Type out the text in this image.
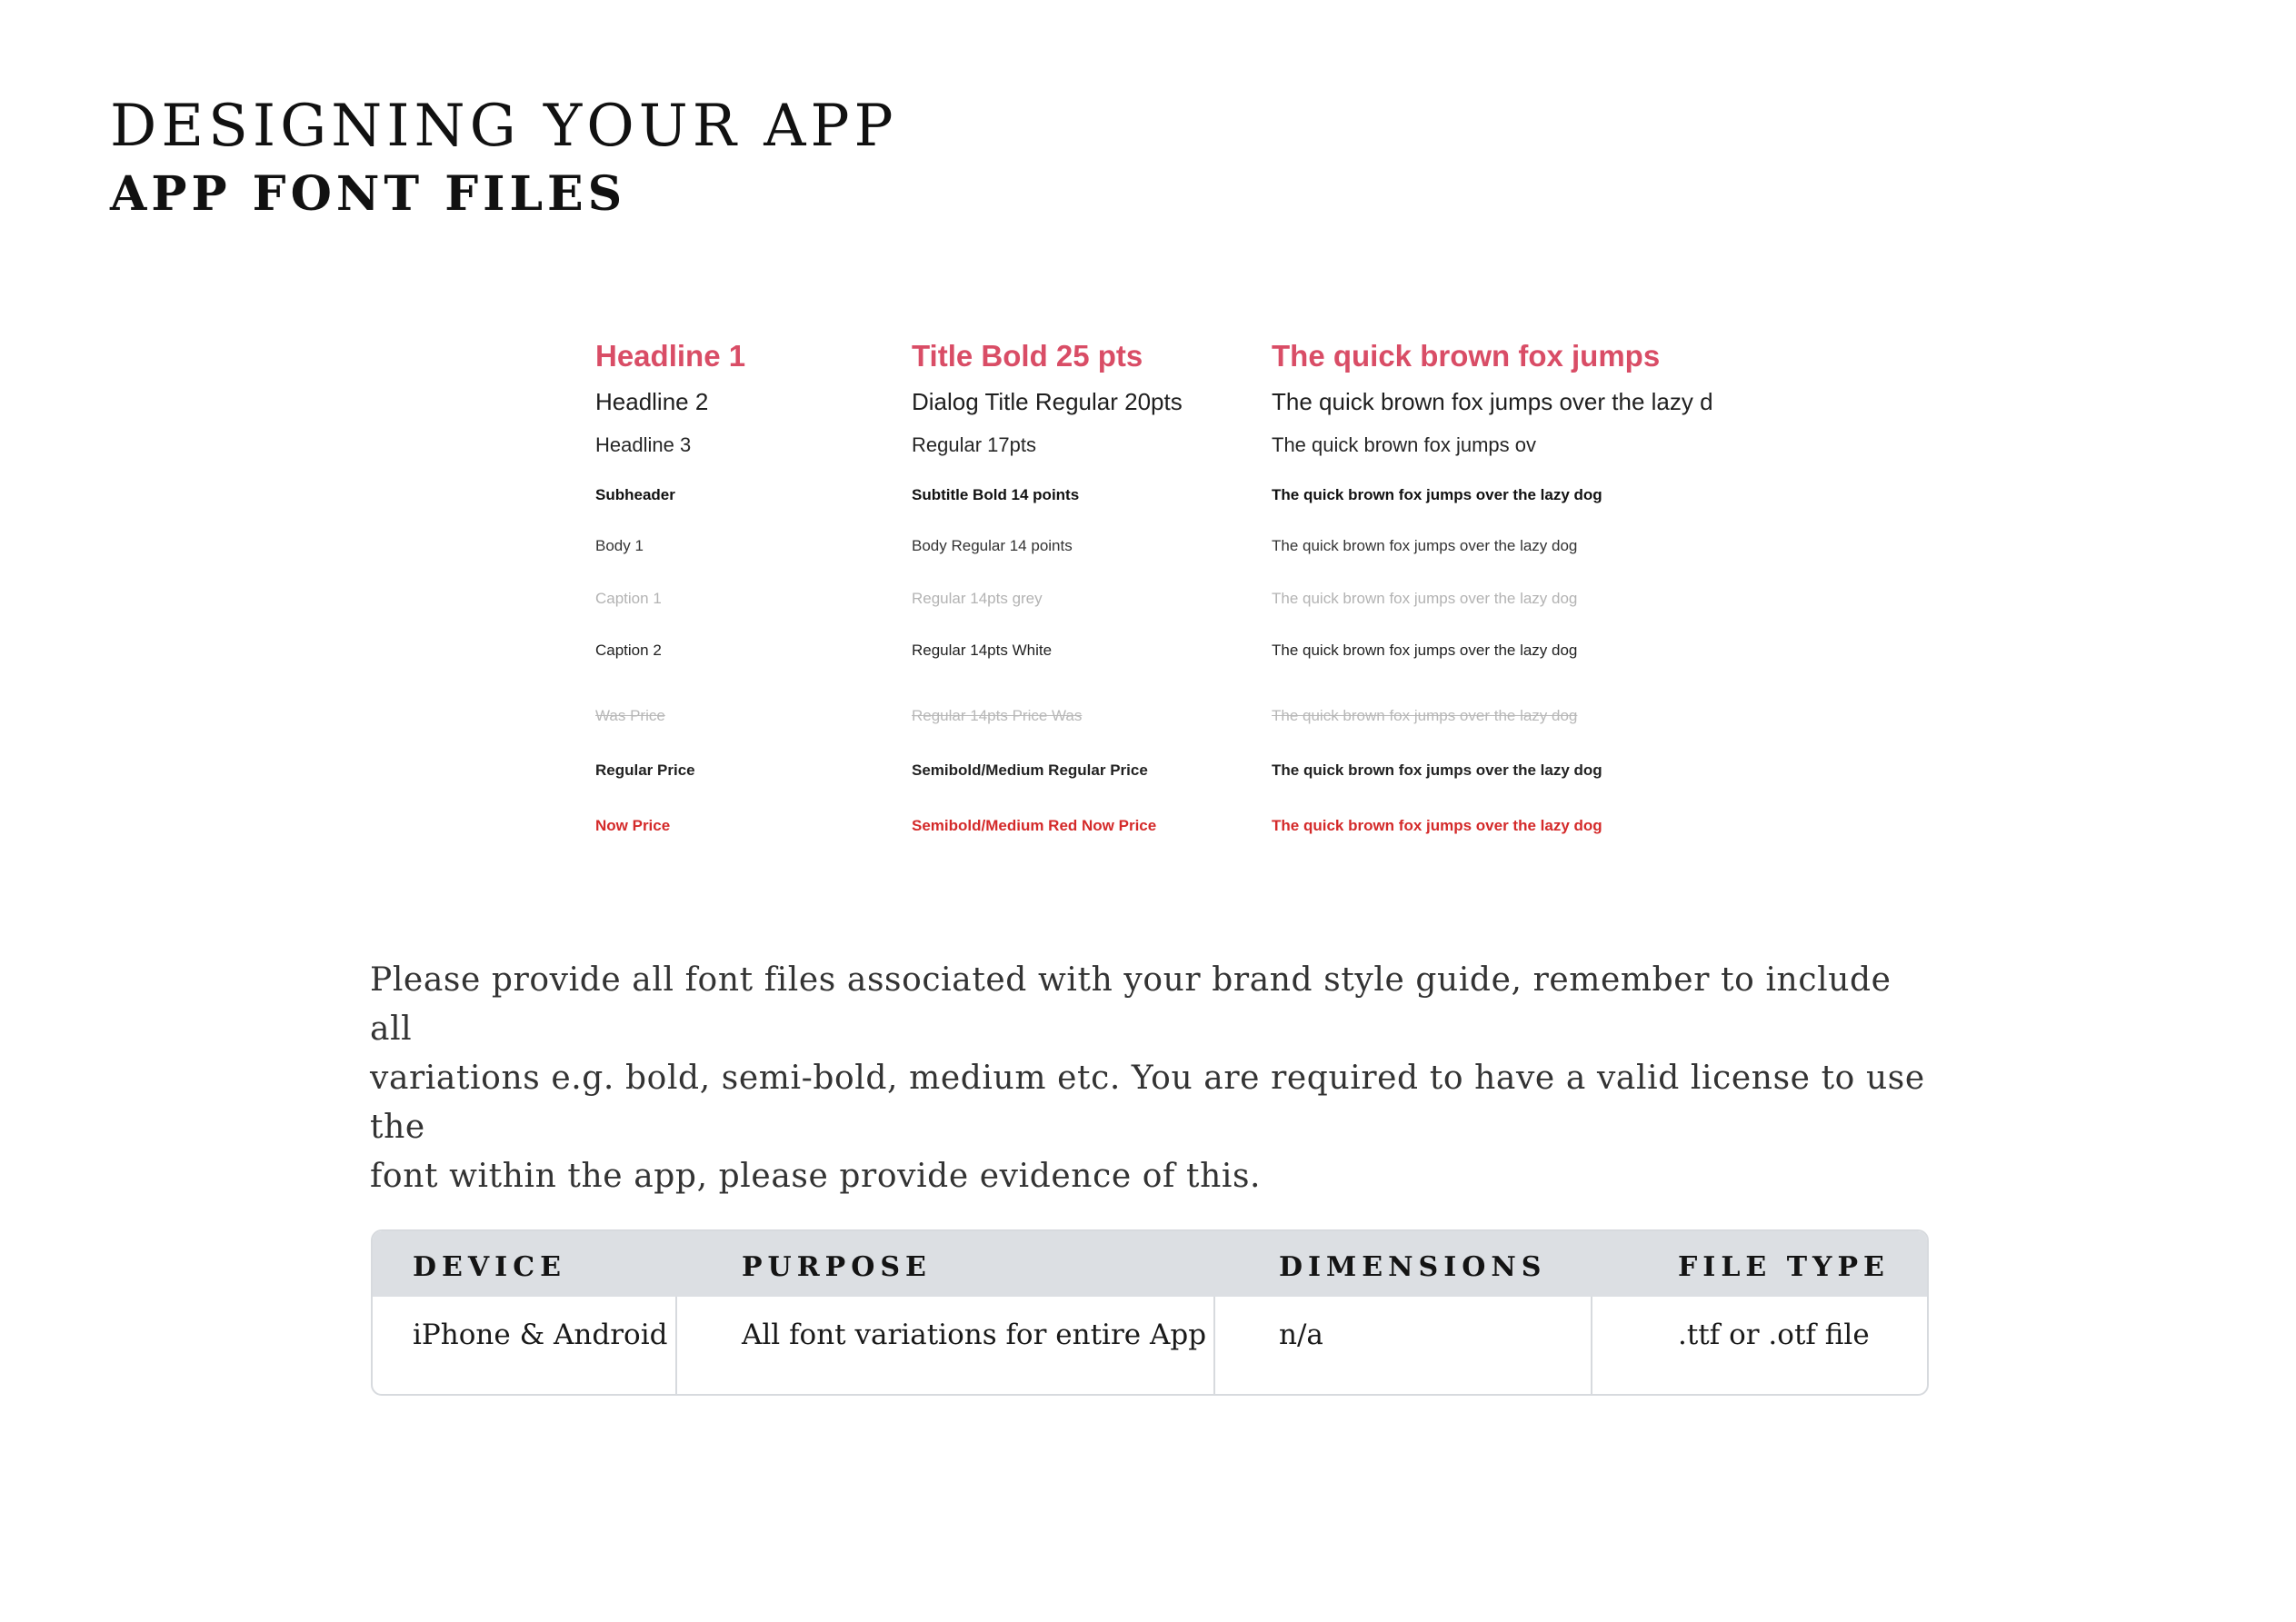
DESIGNING YOUR APP
APP FONT FILES
Headline 1	Title Bold 25 pts	The quick brown fox jumps
Headline 2	Dialog Title Regular 20pts	The quick brown fox jumps over the lazy d
Headline 3	Regular 17pts	The quick brown fox jumps ov
Subheader	Subtitle Bold 14 points	The quick brown fox jumps over the lazy dog
Body 1	Body Regular 14 points	The quick brown fox jumps over the lazy dog
Caption 1	Regular 14pts grey	The quick brown fox jumps over the lazy dog
Caption 2	Regular 14pts White	The quick brown fox jumps over the lazy dog
Was Price	Regular 14pts Price Was	The quick brown fox jumps over the lazy dog
Regular Price	Semibold/Medium Regular Price	The quick brown fox jumps over the lazy dog
Now Price	Semibold/Medium Red Now Price	The quick brown fox jumps over the lazy dog
Please provide all font files associated with your brand style guide, remember to include all
variations e.g. bold, semi-bold, medium etc. You are required to have a valid license to use the
font within the app, please provide evidence of this.
DEVICE	PURPOSE	DIMENSIONS	FILE TYPE
iPhone & Android	All font variations for entire App	n/a	.ttf or .otf file
